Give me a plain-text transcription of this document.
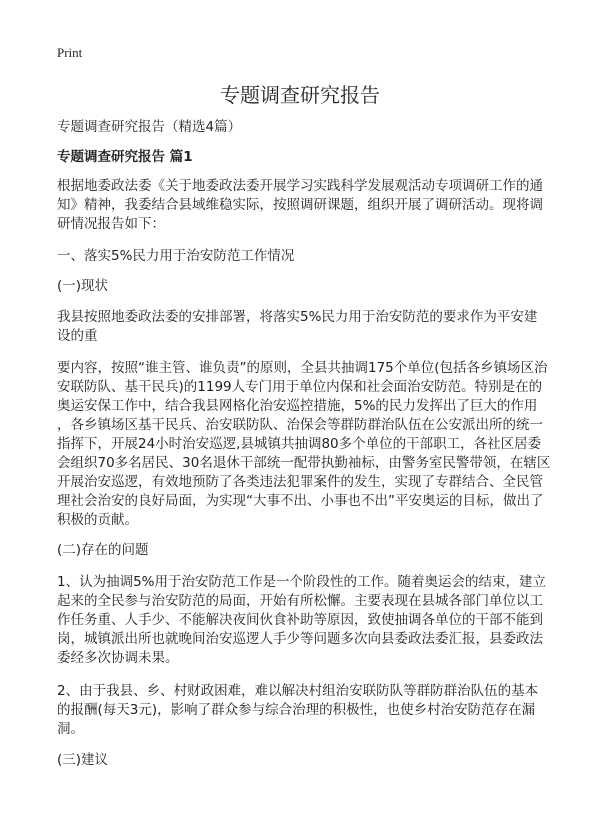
Print
专题调查研究报告
专题调查研究报告（精选4篇）
专题调查研究报告 篇1
根据地委政法委《关于地委政法委开展学习实践科学发展观活动专项调研工作的通
知》精神，我委结合县域维稳实际，按照调研课题，组织开展了调研活动。现将调
研情况报告如下：
一、落实5%民力用于治安防范工作情况
(一)现状
我县按照地委政法委的安排部署，将落实5%民力用于治安防范的要求作为平安建
设的重
要内容，按照“谁主管、谁负责”的原则，全县共抽调175个单位(包括各乡镇场区治
安联防队、基干民兵)的1199人专门用于单位内保和社会面治安防范。特别是在的
奥运安保工作中，结合我县网格化治安巡控措施，5%的民力发挥出了巨大的作用
，各乡镇场区基干民兵、治安联防队、治保会等群防群治队伍在公安派出所的统一
指挥下，开展24小时治安巡逻,县城镇共抽调80多个单位的干部职工，各社区居委
会组织70多名居民、30名退休干部统一配带执勤袖标，由警务室民警带领，在辖区
开展治安巡逻，有效地预防了各类违法犯罪案件的发生，实现了专群结合、全民管
理社会治安的良好局面，为实现“大事不出、小事也不出”平安奥运的目标，做出了
积极的贡献。
(二)存在的问题
1、认为抽调5%用于治安防范工作是一个阶段性的工作。随着奥运会的结束，建立
起来的全民参与治安防范的局面，开始有所松懈。主要表现在县城各部门单位以工
作任务重、人手少、不能解决夜间伙食补助等原因，致使抽调各单位的干部不能到
岗，城镇派出所也就晚间治安巡逻人手少等问题多次向县委政法委汇报，县委政法
委经多次协调未果。
2、由于我县、乡、村财政困难，难以解决村组治安联防队等群防群治队伍的基本
的报酬(每天3元)，影响了群众参与综合治理的积极性，也使乡村治安防范存在漏
洞。
(三)建议
